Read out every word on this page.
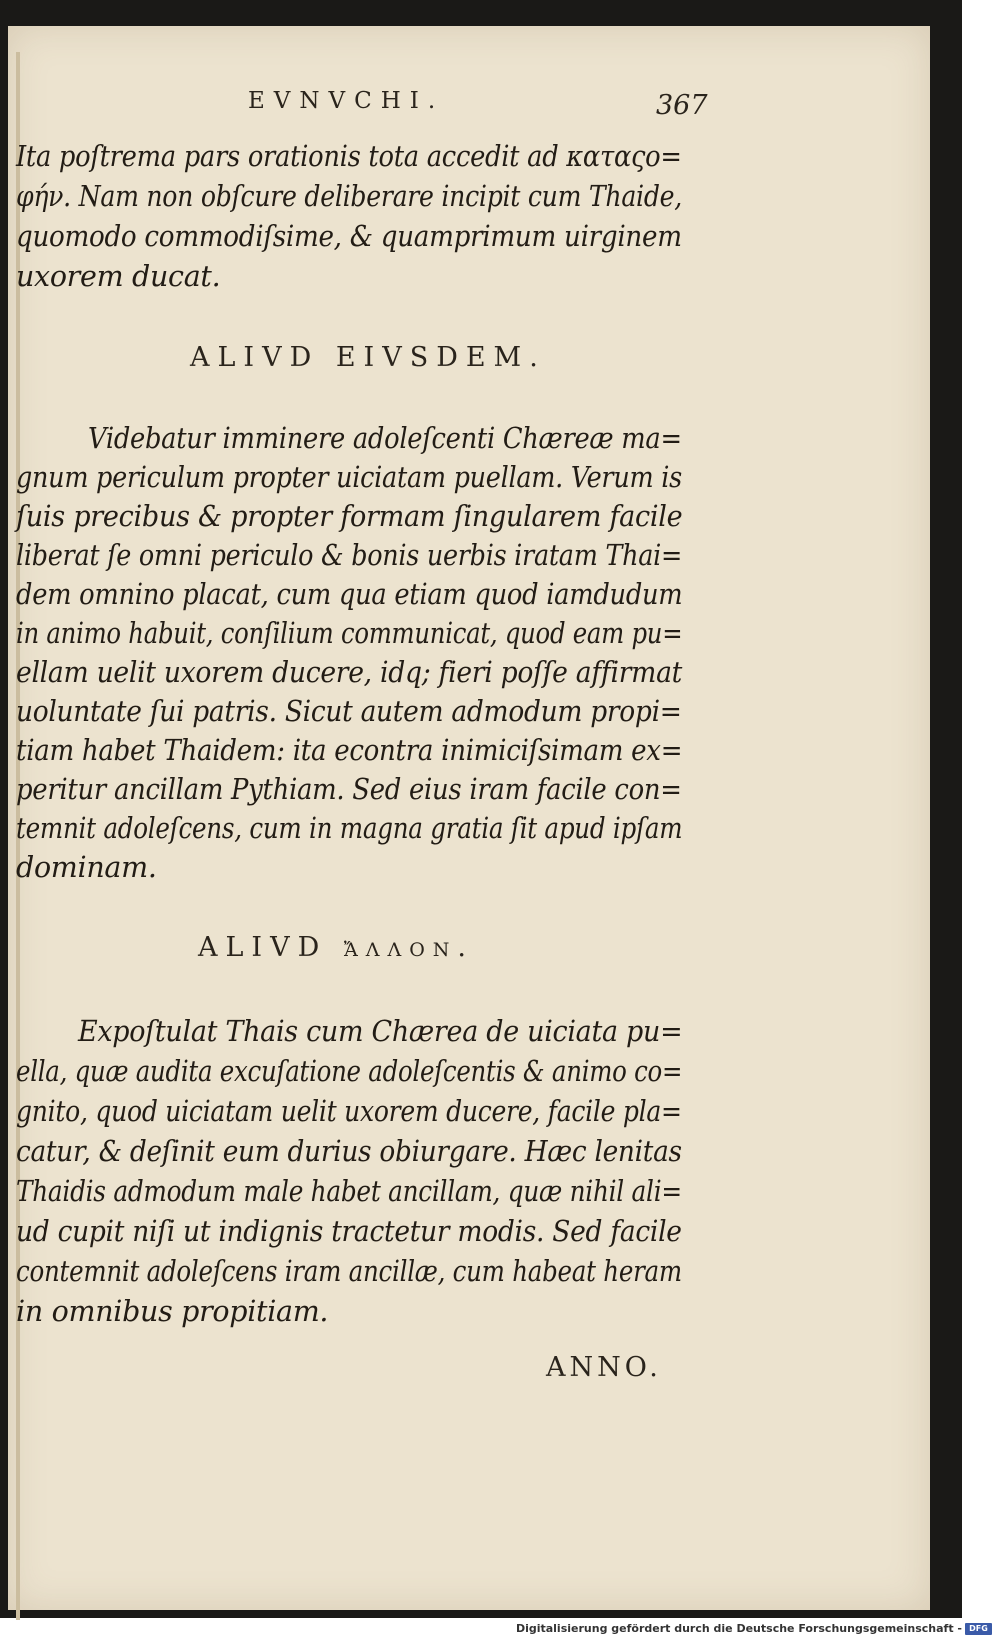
EVNVCHI.	367
Ita poſtrema pars orationis tota accedit ad καταςο=
φήν. Nam non obſcure deliberare incipit cum Thaide,
quomodo commodiſsime, & quamprimum uirginem
uxorem ducat.
ALIVD EIVSDEM.
Videbatur imminere adoleſcenti Chæreæ ma=
gnum periculum propter uiciatam puellam. Verum is
ſuis precibus & propter formam ſingularem facile
liberat ſe omni periculo & bonis uerbis iratam Thai=
dem omnino placat, cum qua etiam quod iamdudum
in animo habuit, conſilium communicat, quod eam pu=
ellam uelit uxorem ducere, idq; fieri poſſe affirmat
uoluntate ſui patris. Sicut autem admodum propi=
tiam habet Thaidem: ita econtra inimiciſsimam ex=
peritur ancillam Pythiam. Sed eius iram facile con=
temnit adoleſcens, cum in magna gratia ſit apud ipſam
dominam.
ALIVD ἄλλον.
Expoſtulat Thais cum Chærea de uiciata pu=
ella, quæ audita excuſatione adoleſcentis & animo co=
gnito, quod uiciatam uelit uxorem ducere, facile pla=
catur, & deſinit eum durius obiurgare. Hæc lenitas
Thaidis admodum male habet ancillam, quæ nihil ali=
ud cupit niſi ut indignis tractetur modis. Sed facile
contemnit adoleſcens iram ancillæ, cum habeat heram
in omnibus propitiam.
ANNO.
Digitalisierung gefördert durch die Deutsche Forschungsgemeinschaft - DFG
